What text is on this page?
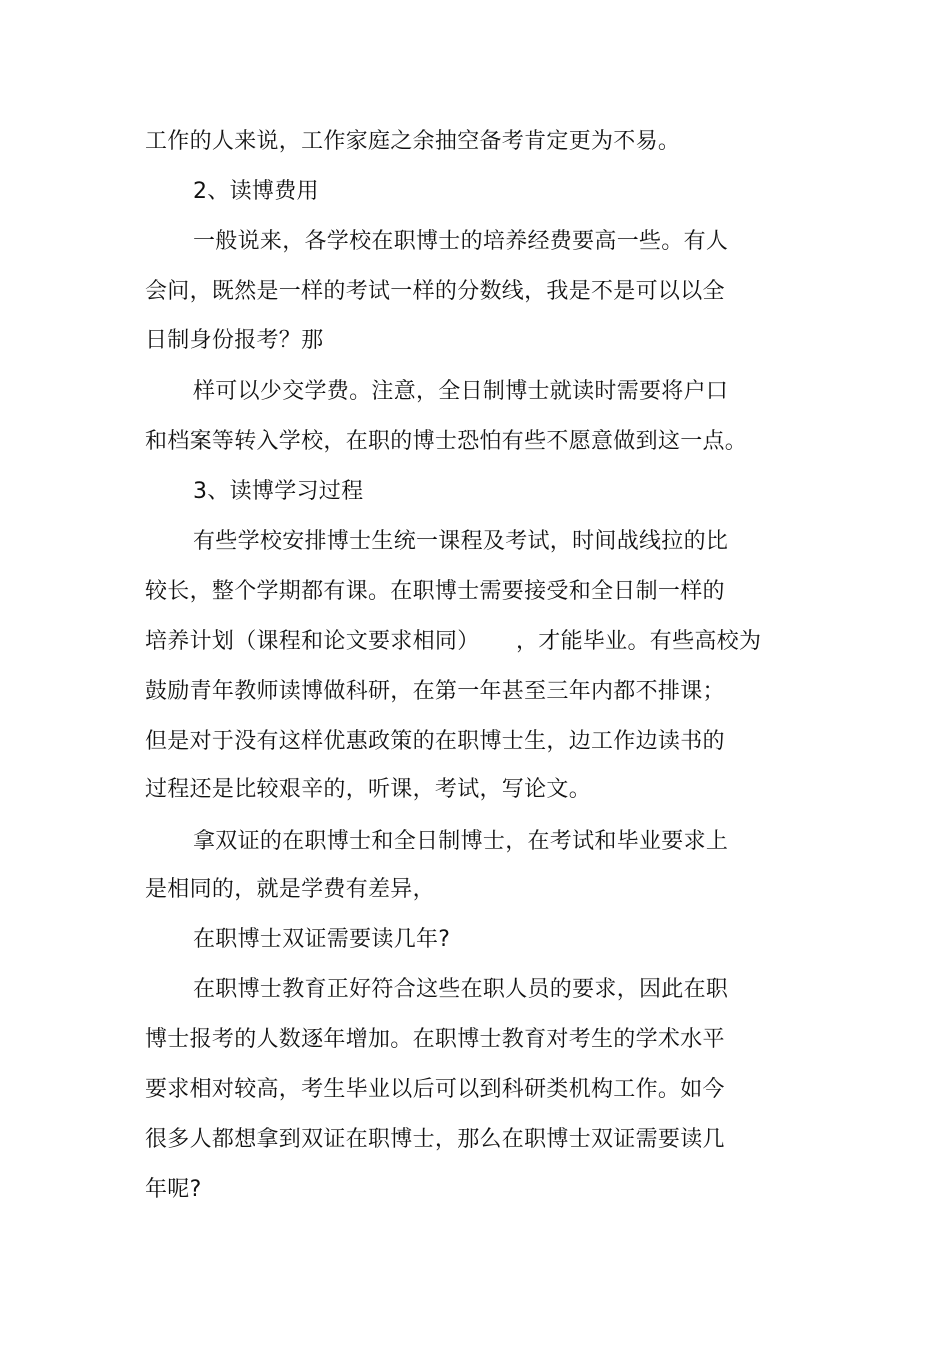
工作的人来说，工作家庭之余抽空备考肯定更为不易。
2、读博费用
一般说来，各学校在职博士的培养经费要高一些。有人
会问，既然是一样的考试一样的分数线，我是不是可以以全
日制身份报考？那
样可以少交学费。注意，全日制博士就读时需要将户口
和档案等转入学校，在职的博士恐怕有些不愿意做到这一点。
3、读博学习过程
有些学校安排博士生统一课程及考试，时间战线拉的比
较长，整个学期都有课。在职博士需要接受和全日制一样的
培养计划（课程和论文要求相同）     ，才能毕业。有些高校为
鼓励青年教师读博做科研，在第一年甚至三年内都不排课；
但是对于没有这样优惠政策的在职博士生，边工作边读书的
过程还是比较艰辛的，听课，考试，写论文。
拿双证的在职博士和全日制博士，在考试和毕业要求上
是相同的，就是学费有差异，
在职博士双证需要读几年?
在职博士教育正好符合这些在职人员的要求，因此在职
博士报考的人数逐年增加。在职博士教育对考生的学术水平
要求相对较高，考生毕业以后可以到科研类机构工作。如今
很多人都想拿到双证在职博士，那么在职博士双证需要读几
年呢?
